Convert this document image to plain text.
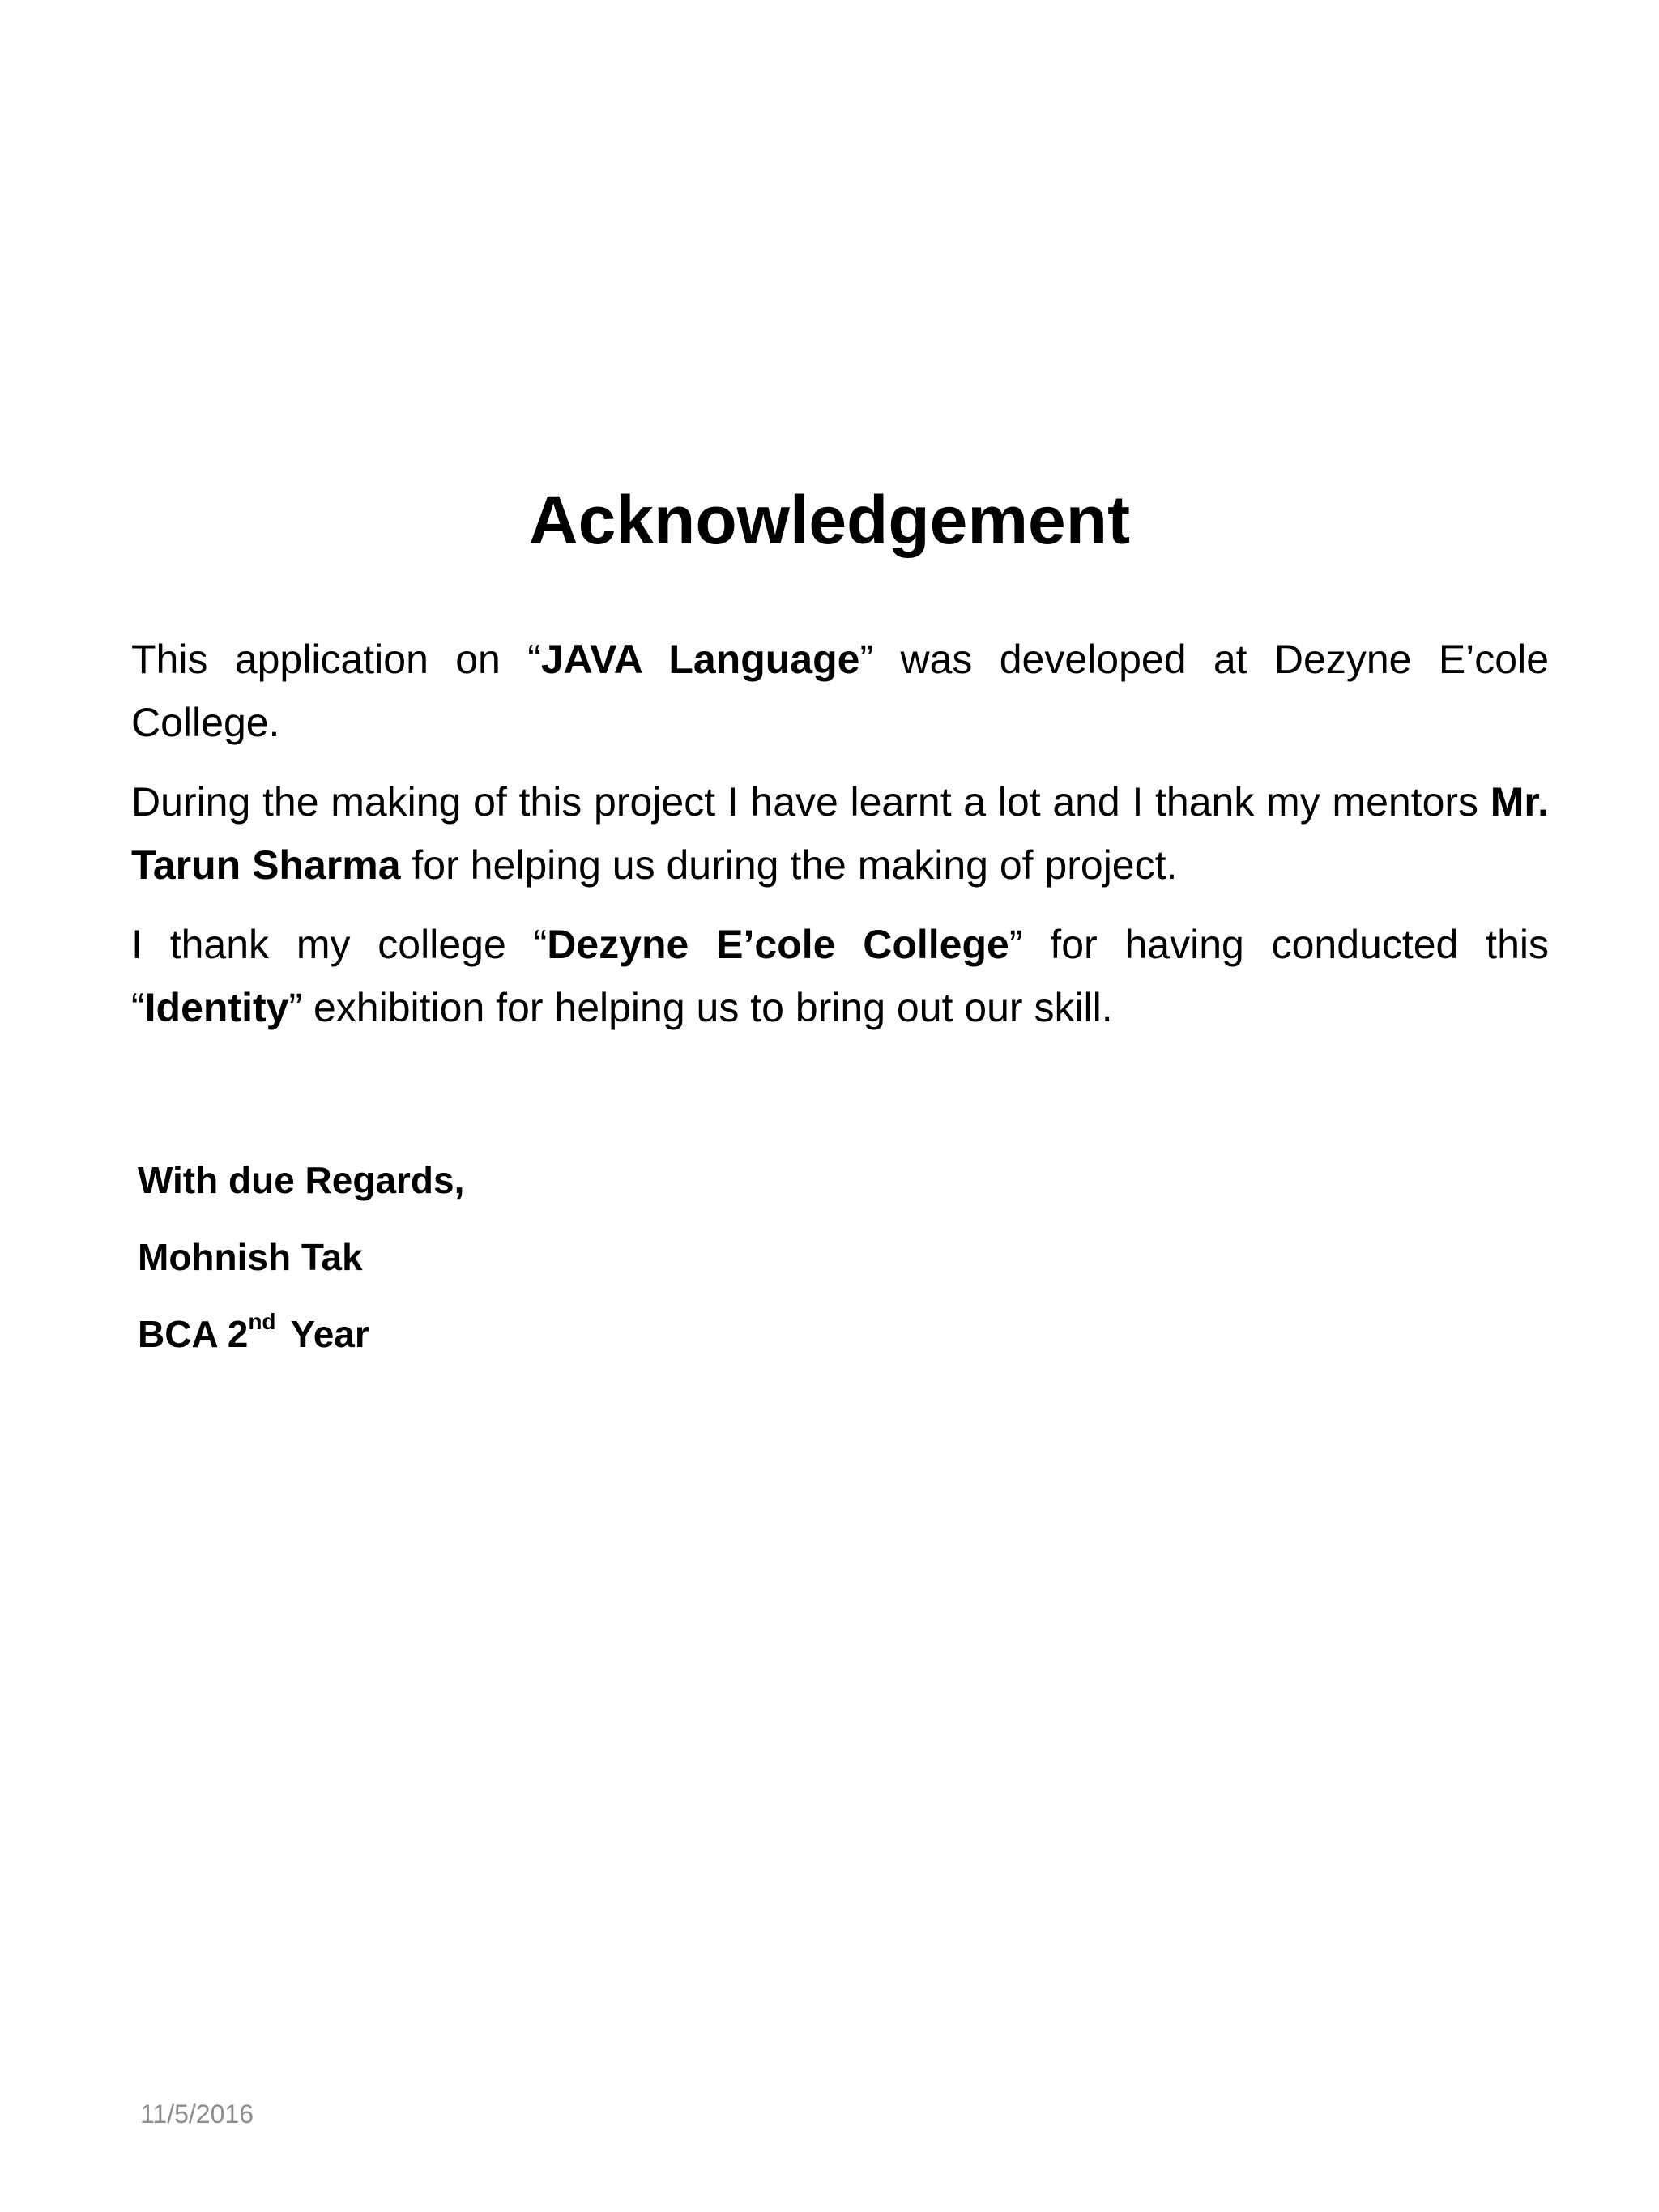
Acknowledgement

This application on “JAVA Language” was developed at Dezyne E’cole College.

During the making of this project I have learnt a lot and I thank my mentors Mr. Tarun Sharma for helping us during the making of project.

I thank my college “Dezyne E’cole College” for having conducted this “Identity” exhibition for helping us to bring out our skill.

With due Regards,

Mohnish Tak

BCA 2nd Year

11/5/2016
